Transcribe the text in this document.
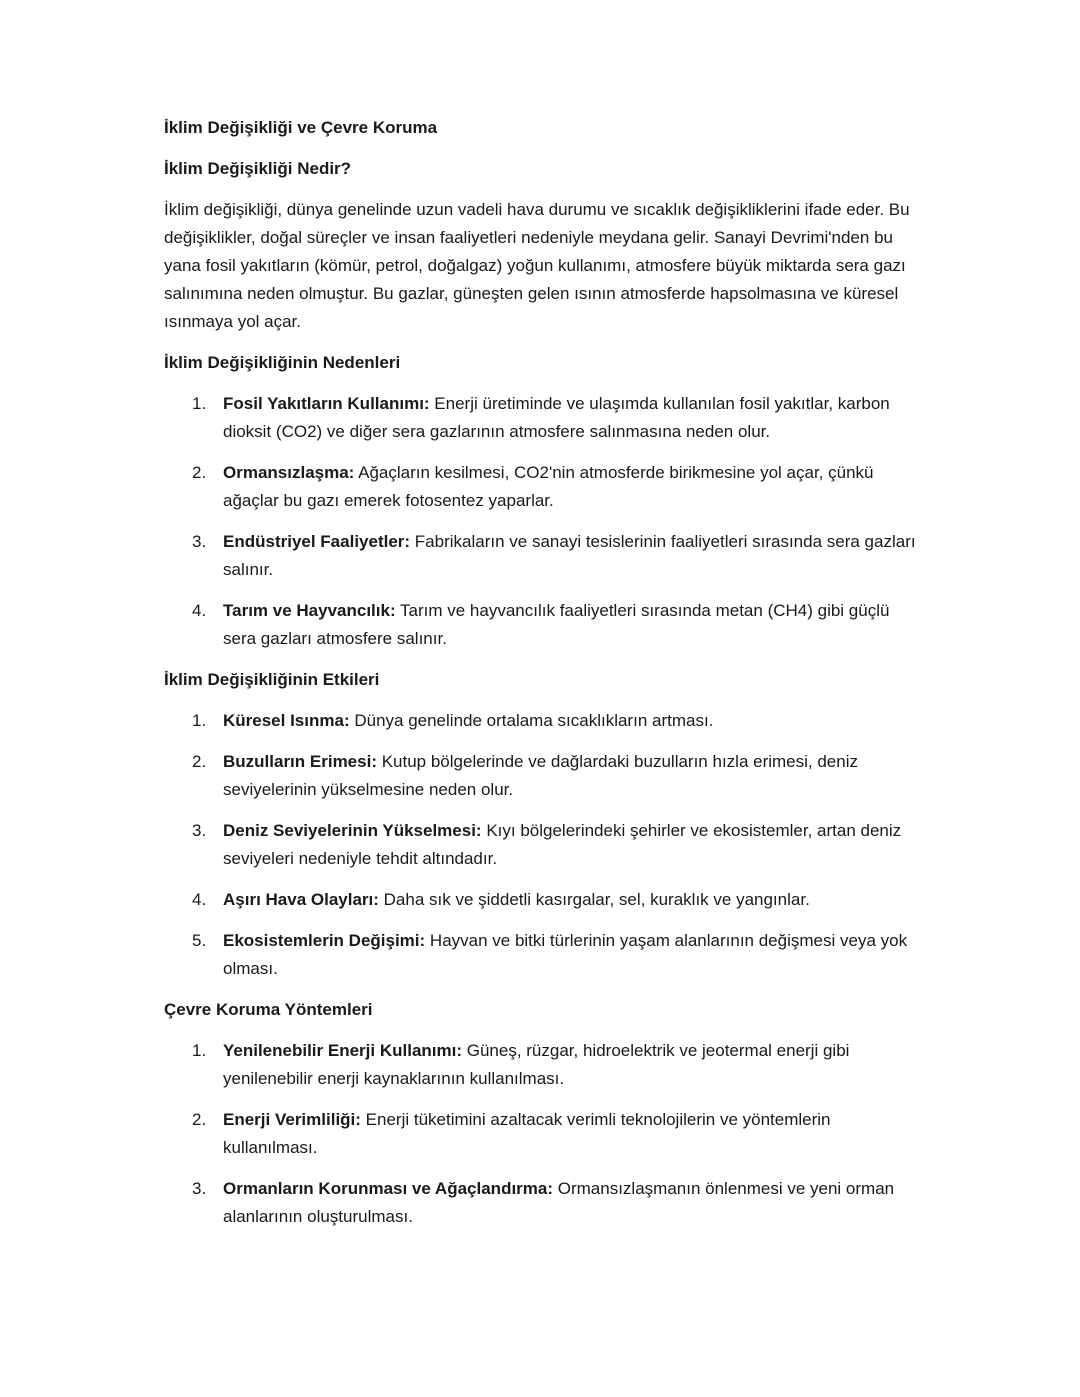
İklim Değişikliği ve Çevre Koruma
İklim Değişikliği Nedir?
İklim değişikliği, dünya genelinde uzun vadeli hava durumu ve sıcaklık değişikliklerini ifade eder. Bu değişiklikler, doğal süreçler ve insan faaliyetleri nedeniyle meydana gelir. Sanayi Devrimi'nden bu yana fosil yakıtların (kömür, petrol, doğalgaz) yoğun kullanımı, atmosfere büyük miktarda sera gazı salınımına neden olmuştur. Bu gazlar, güneşten gelen ısının atmosferde hapsolmasına ve küresel ısınmaya yol açar.
İklim Değişikliğinin Nedenleri
1. Fosil Yakıtların Kullanımı: Enerji üretiminde ve ulaşımda kullanılan fosil yakıtlar, karbon dioksit (CO2) ve diğer sera gazlarının atmosfere salınmasına neden olur.
2. Ormansızlaşma: Ağaçların kesilmesi, CO2'nin atmosferde birikmesine yol açar, çünkü ağaçlar bu gazı emerek fotosentez yaparlar.
3. Endüstriyel Faaliyetler: Fabrikaların ve sanayi tesislerinin faaliyetleri sırasında sera gazları salınır.
4. Tarım ve Hayvancılık: Tarım ve hayvancılık faaliyetleri sırasında metan (CH4) gibi güçlü sera gazları atmosfere salınır.
İklim Değişikliğinin Etkileri
1. Küresel Isınma: Dünya genelinde ortalama sıcaklıkların artması.
2. Buzulların Erimesi: Kutup bölgelerinde ve dağlardaki buzulların hızla erimesi, deniz seviyelerinin yükselmesine neden olur.
3. Deniz Seviyelerinin Yükselmesi: Kıyı bölgelerindeki şehirler ve ekosistemler, artan deniz seviyeleri nedeniyle tehdit altındadır.
4. Aşırı Hava Olayları: Daha sık ve şiddetli kasırgalar, sel, kuraklık ve yangınlar.
5. Ekosistemlerin Değişimi: Hayvan ve bitki türlerinin yaşam alanlarının değişmesi veya yok olması.
Çevre Koruma Yöntemleri
1. Yenilenebilir Enerji Kullanımı: Güneş, rüzgar, hidroelektrik ve jeotermal enerji gibi yenilenebilir enerji kaynaklarının kullanılması.
2. Enerji Verimliliği: Enerji tüketimini azaltacak verimli teknolojilerin ve yöntemlerin kullanılması.
3. Ormanların Korunması ve Ağaçlandırma: Ormansızlaşmanın önlenmesi ve yeni orman alanlarının oluşturulması.
